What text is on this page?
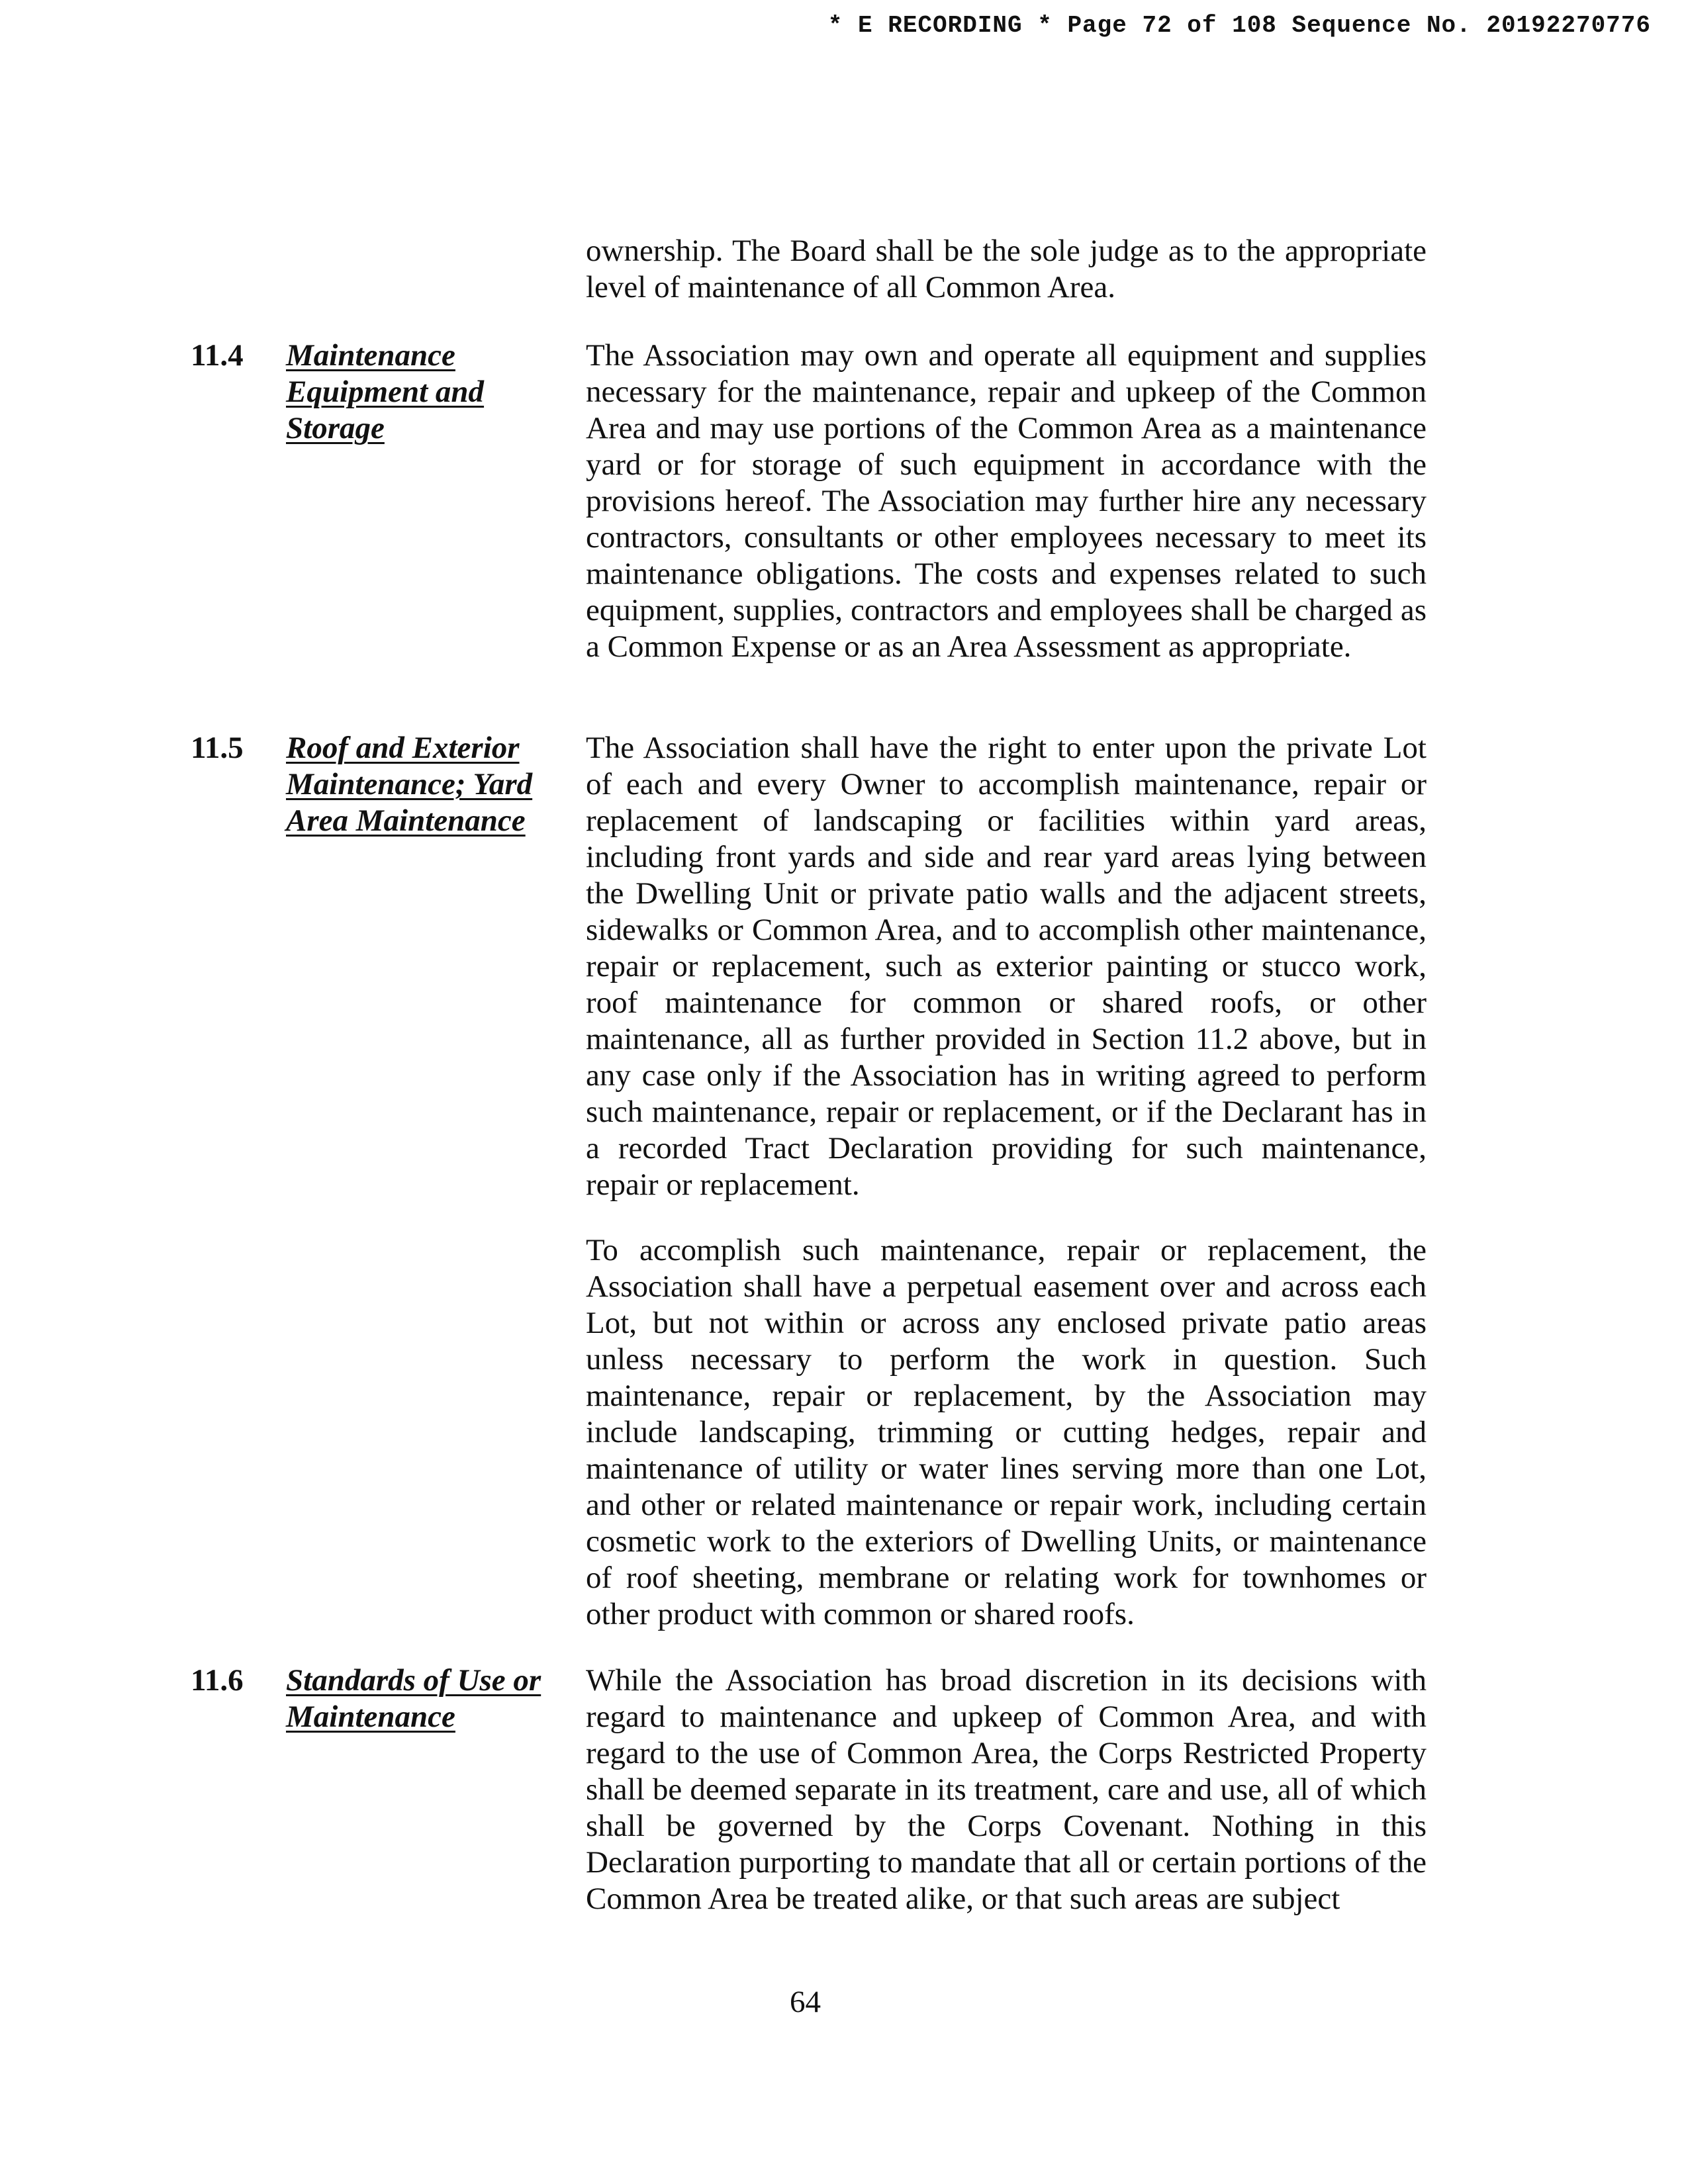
* E RECORDING * Page 72 of 108 Sequence No. 20192270776

ownership. The Board shall be the sole judge as to the appropriate level of maintenance of all Common Area.

11.4 Maintenance Equipment and Storage

The Association may own and operate all equipment and supplies necessary for the maintenance, repair and upkeep of the Common Area and may use portions of the Common Area as a maintenance yard or for storage of such equipment in accordance with the provisions hereof. The Association may further hire any necessary contractors, consultants or other employees necessary to meet its maintenance obligations. The costs and expenses related to such equipment, supplies, contractors and employees shall be charged as a Common Expense or as an Area Assessment as appropriate.

11.5 Roof and Exterior Maintenance; Yard Area Maintenance

The Association shall have the right to enter upon the private Lot of each and every Owner to accomplish maintenance, repair or replacement of landscaping or facilities within yard areas, including front yards and side and rear yard areas lying between the Dwelling Unit or private patio walls and the adjacent streets, sidewalks or Common Area, and to accomplish other maintenance, repair or replacement, such as exterior painting or stucco work, roof maintenance for common or shared roofs, or other maintenance, all as further provided in Section 11.2 above, but in any case only if the Association has in writing agreed to perform such maintenance, repair or replacement, or if the Declarant has in a recorded Tract Declaration providing for such maintenance, repair or replacement.

To accomplish such maintenance, repair or replacement, the Association shall have a perpetual easement over and across each Lot, but not within or across any enclosed private patio areas unless necessary to perform the work in question. Such maintenance, repair or replacement, by the Association may include landscaping, trimming or cutting hedges, repair and maintenance of utility or water lines serving more than one Lot, and other or related maintenance or repair work, including certain cosmetic work to the exteriors of Dwelling Units, or maintenance of roof sheeting, membrane or relating work for townhomes or other product with common or shared roofs.

11.6 Standards of Use or Maintenance

While the Association has broad discretion in its decisions with regard to maintenance and upkeep of Common Area, and with regard to the use of Common Area, the Corps Restricted Property shall be deemed separate in its treatment, care and use, all of which shall be governed by the Corps Covenant. Nothing in this Declaration purporting to mandate that all or certain portions of the Common Area be treated alike, or that such areas are subject

64
